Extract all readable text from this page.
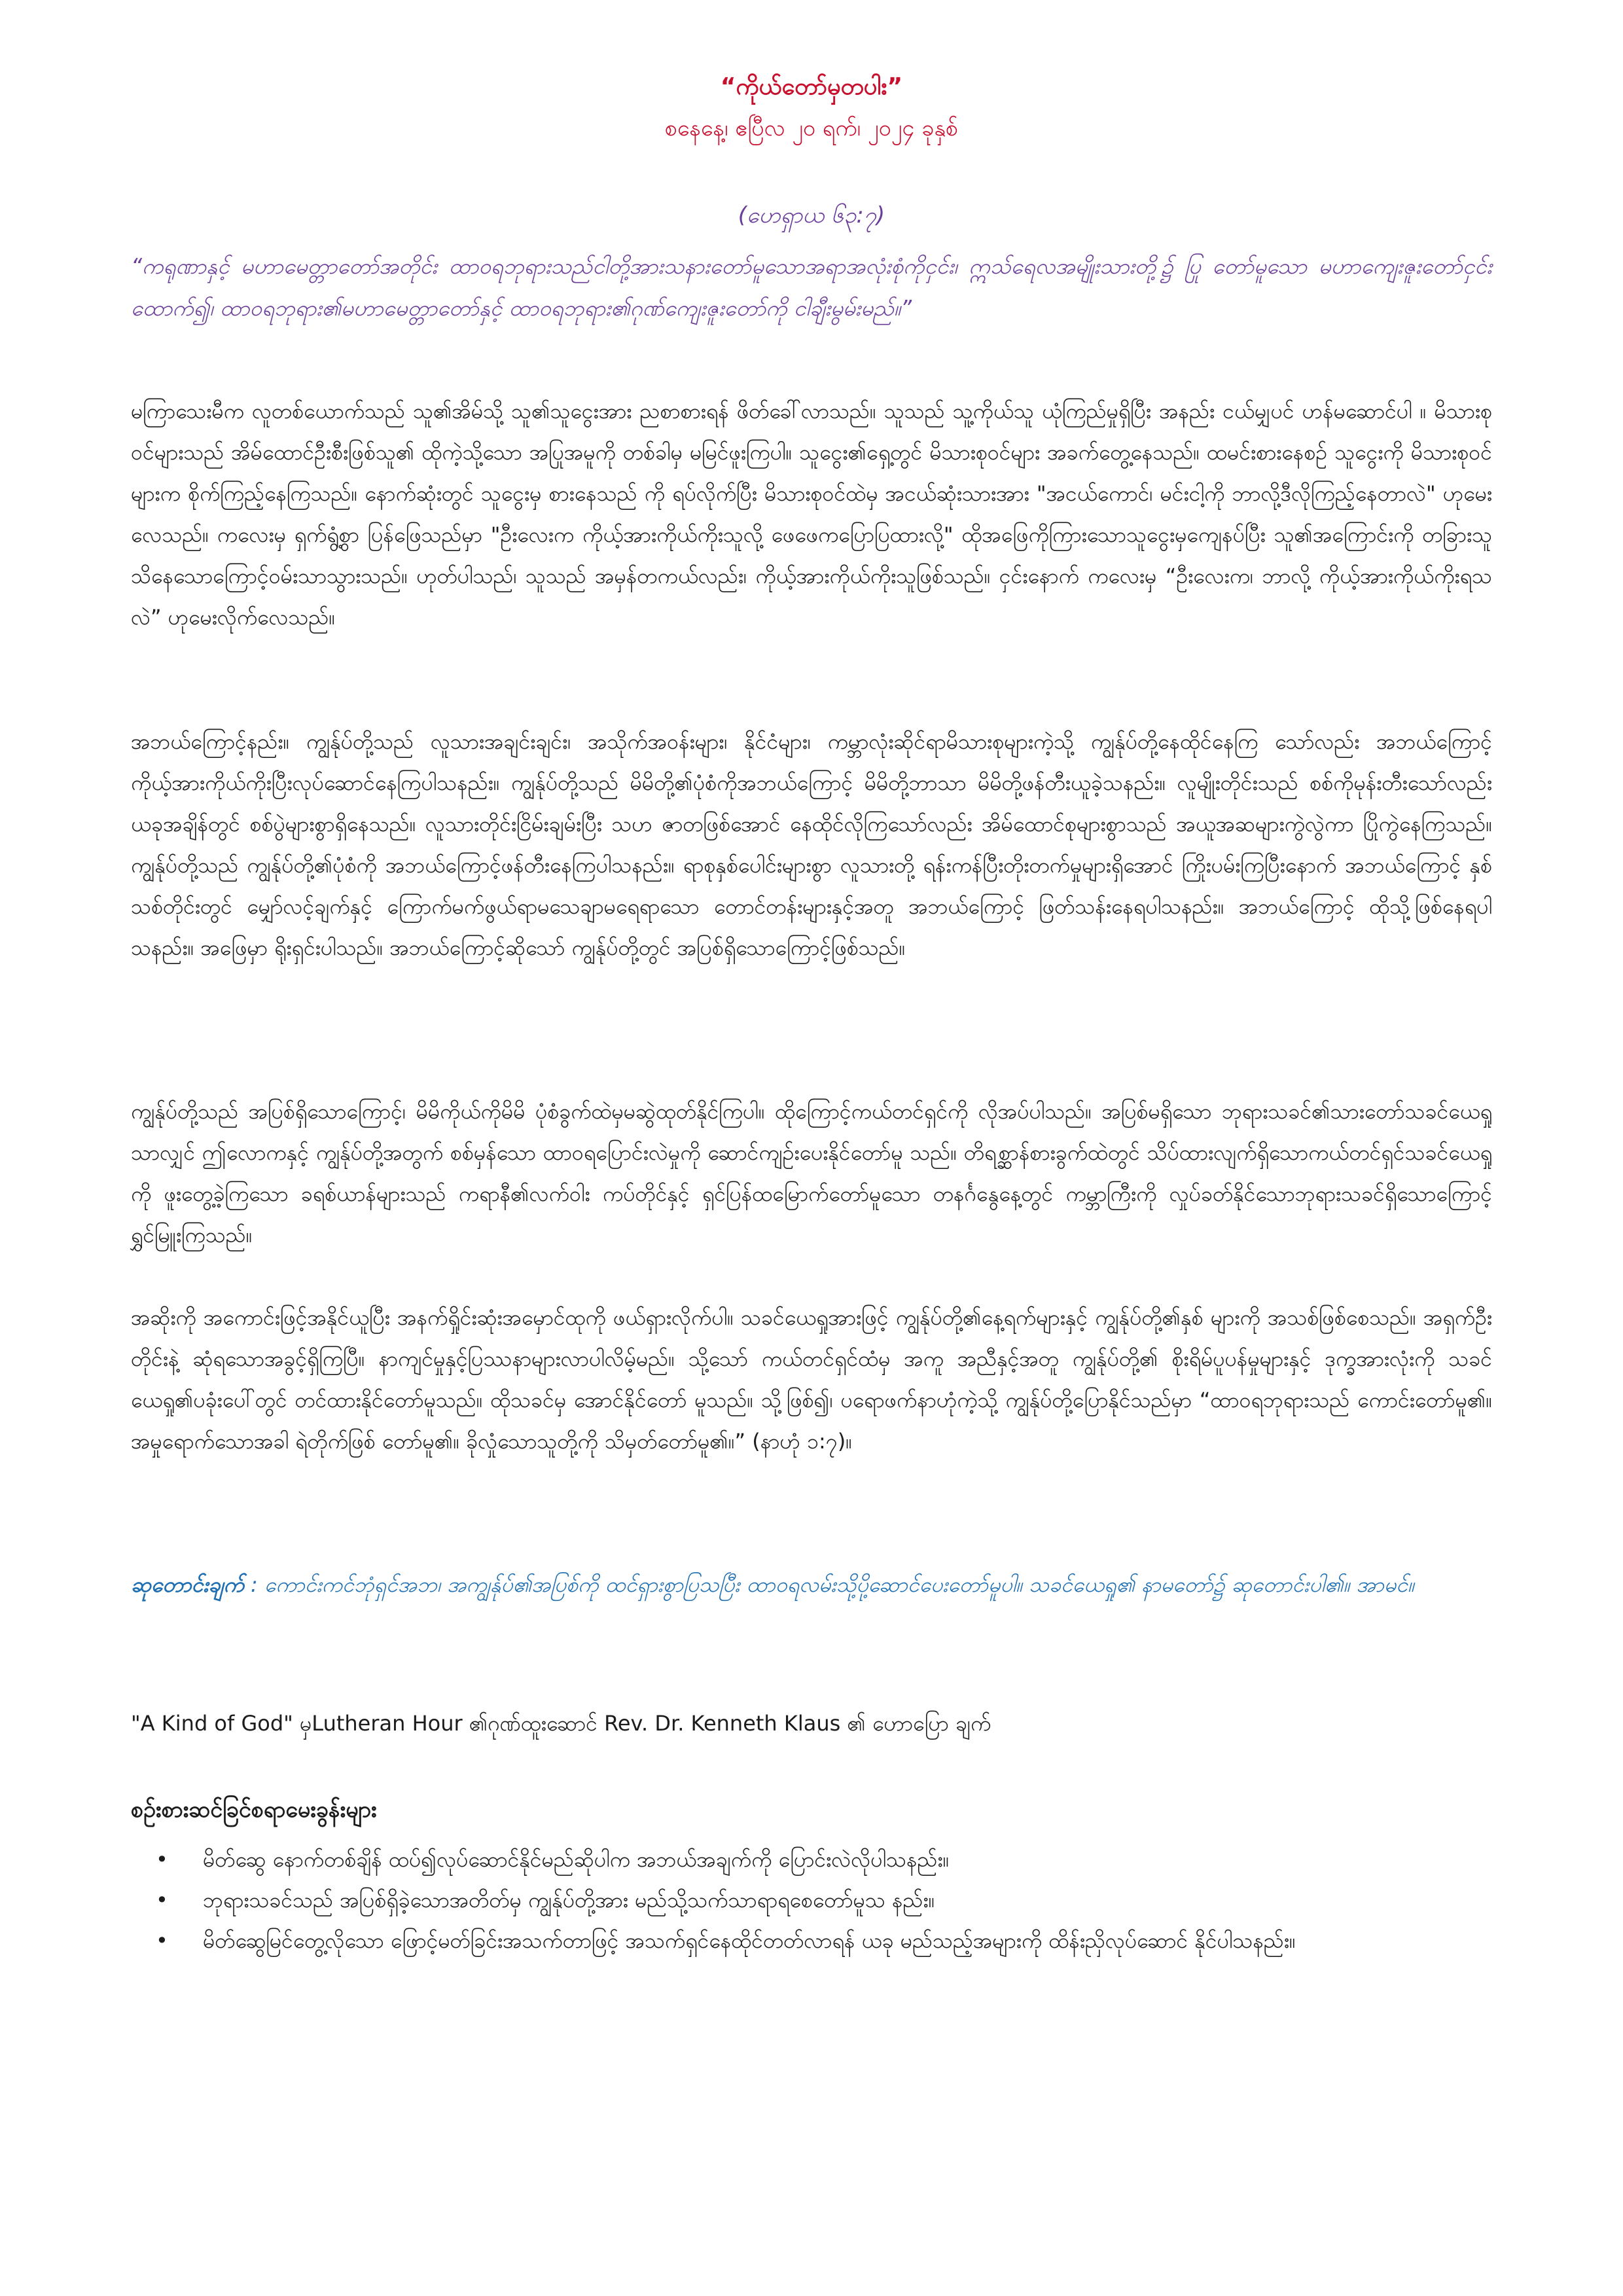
“ကိုယ်တော်မှတပါး”
စနေနေ့၊ ဧပြီလ ၂၀ ရက်၊ ၂၀၂၄ ခုနှစ်
(ဟေရှာယ ၆၃:၇)
“ကရုဏာနှင့် မဟာမေတ္တာတော်အတိုင်း ထာဝရဘုရားသည်ငါတို့အားသနားတော်မူသောအရာအလုံးစုံကိုငှင်း၊ ဣသ်ရေလအမျိုးသားတို့၌ ပြု တော်မူသော မဟာကျေးဇူးတော်ငှင်း ထောက်၍၊ ထာဝရဘုရား၏မဟာမေတ္တာတော်နှင့် ထာဝရဘုရား၏ဂုဏ်ကျေးဇူးတော်ကို ငါချီးမွမ်းမည်။”

မကြာသေးမီက လူတစ်ယောက်သည် သူ၏အိမ်သို့ သူ၏သူငွေးအား ညစာစားရန် ဖိတ်ခေါ်လာသည်။ သူသည် သူ့ကိုယ်သူ ယုံကြည်မှုရှိပြီး အနည်း ငယ်မျှပင် ဟန်မဆောင်ပါ ။ မိသားစုဝင်များသည် အိမ်ထောင်ဦးစီးဖြစ်သူ၏ ထိုကဲ့သို့သော အပြုအမူကို တစ်ခါမှ မမြင်ဖူးကြပါ။ သူငွေး၏ရှေ့တွင် မိသားစုဝင်များ အခက်တွေ့နေသည်။ ထမင်းစားနေစဉ် သူငွေးကို မိသားစုဝင်များက စိုက်ကြည့်နေကြသည်။ နောက်ဆုံးတွင် သူငွေးမှ စားနေသည် ကို ရပ်လိုက်ပြီး မိသားစုဝင်ထဲမှ အငယ်ဆုံးသားအား "အငယ်ကောင်၊ မင်းငါ့ကို ဘာလို့ဒီလိုကြည့်နေတာလဲ" ဟုမေးလေသည်။ ကလေးမှ ရှက်ရွံ့စွာ ပြန်ဖြေသည်မှာ "ဦးလေးက ကိုယ့်အားကိုယ်ကိုးသူလို့ ဖေဖေကပြောပြထားလို့" ထိုအဖြေကိုကြားသောသူငွေးမှကျေနပ်ပြီး သူ၏အကြောင်းကို တခြားသူသိနေသောကြောင့်ဝမ်းသာသွားသည်။ ဟုတ်ပါသည်၊ သူသည် အမှန်တကယ်လည်း၊ ကိုယ့်အားကိုယ်ကိုးသူဖြစ်သည်။ ငှင်းနောက် ကလေးမှ “ဦးလေးက၊ ဘာလို့ ကိုယ့်အားကိုယ်ကိုးရသလဲ” ဟုမေးလိုက်လေသည်။

အဘယ်ကြောင့်နည်း။ ကျွန်ုပ်တို့သည် လူသားအချင်းချင်း၊ အသိုက်အဝန်းများ၊ နိုင်ငံများ၊ ကမ္ဘာလုံးဆိုင်ရာမိသားစုများကဲ့သို့ ကျွန်ုပ်တို့နေထိုင်နေကြ သော်လည်း အဘယ်ကြောင့် ကိုယ့်အားကိုယ်ကိုးပြီးလုပ်ဆောင်နေကြပါသနည်း။ ကျွန်ုပ်တို့သည် မိမိတို့၏ပုံစံကိုအဘယ်ကြောင့် မိမိတို့ဘာသာ မိမိတို့ဖန်တီးယူခဲ့သနည်း။ လူမျိုးတိုင်းသည် စစ်ကိုမုန်းတီးသော်လည်း ယခုအချိန်တွင် စစ်ပွဲများစွာရှိနေသည်။ လူသားတိုင်းငြိမ်းချမ်းပြီး သဟ ဇာတဖြစ်အောင် နေထိုင်လိုကြသော်လည်း အိမ်ထောင်စုများစွာသည် အယူအဆများကွဲလွဲကာ ပြိုကွဲနေကြသည်။ ကျွန်ုပ်တို့သည် ကျွန်ုပ်တို့၏ပုံစံကို အဘယ်ကြောင့်ဖန်တီးနေကြပါသနည်း။ ရာစုနှစ်ပေါင်းများစွာ လူသားတို့ ရန်းကန်ပြီးတိုးတက်မှုများရှိအောင် ကြိုးပမ်းကြပြီးနောက် အဘယ်ကြောင့် နှစ်သစ်တိုင်းတွင် မျှော်လင့်ချက်နှင့် ကြောက်မက်ဖွယ်ရာမသေချာမရေရာသော တောင်တန်းများနှင့်အတူ အဘယ်ကြောင့် ဖြတ်သန်းနေရပါသနည်း။ အဘယ်ကြောင့် ထိုသို့ဖြစ်နေရပါသနည်း။ အဖြေမှာ ရိုးရှင်းပါသည်။ အဘယ်ကြောင့်ဆိုသော် ကျွန်ုပ်တို့တွင် အပြစ်ရှိသောကြောင့်ဖြစ်သည်။

ကျွန်ုပ်တို့သည် အပြစ်ရှိသောကြောင့်၊ မိမိကိုယ်ကိုမိမိ ပုံစံခွက်ထဲမှမဆွဲထုတ်နိုင်ကြပါ။ ထိုကြောင့်ကယ်တင်ရှင်ကို လိုအပ်ပါသည်။ အပြစ်မရှိသော ဘုရားသခင်၏သားတော်သခင်ယေရှုသာလျှင် ဤလောကနှင့် ကျွန်ုပ်တို့အတွက် စစ်မှန်သော ထာဝရပြောင်းလဲမှုကို ဆောင်ကျဉ်းပေးနိုင်တော်မူ သည်။ တိရစ္ဆာန်စားခွက်ထဲတွင် သိပ်ထားလျက်ရှိသောကယ်တင်ရှင်သခင်ယေရှုကို ဖူးတွေ့ခဲ့ကြသော ခရစ်ယာန်များသည် ကရာနီ၏လက်ဝါး ကပ်တိုင်နှင့် ရှင်ပြန်ထမြောက်တော်မူသော တနင်္ဂနွေနေ့တွင် ကမ္ဘာကြီးကို လှုပ်ခတ်နိုင်သောဘုရားသခင်ရှိသောကြောင့် ရွှင်မြူးကြသည်။

အဆိုးကို အကောင်းဖြင့်အနိုင်ယူပြီး အနက်ရှိုင်းဆုံးအမှောင်ထုကို ဖယ်ရှားလိုက်ပါ။ သခင်ယေရှုအားဖြင့် ကျွန်ုပ်တို့၏နေ့ရက်များနှင့် ကျွန်ုပ်တို့၏နှစ် များကို အသစ်ဖြစ်စေသည်။ အရှက်ဦးတိုင်းနဲ့ ဆုံရသောအခွင့်ရှိကြပြီ။ နာကျင်မှုနှင့်ပြဿနာများလာပါလိမ့်မည်။ သို့သော် ကယ်တင်ရှင်ထံမှ အကူ အညီနှင့်အတူ ကျွန်ုပ်တို့၏ စိုးရိမ်ပူပန်မှုများနှင့် ဒုက္ခအားလုံးကို သခင်ယေရှု၏ပခုံးပေါ်တွင် တင်ထားနိုင်တော်မူသည်။ ထိုသခင်မှ အောင်နိုင်တော် မူသည်။ သို့ဖြစ်၍၊ ပရောဖက်နာဟုံကဲ့သို့ ကျွန်ုပ်တို့ပြောနိုင်သည်မှာ “ထာဝရဘုရားသည် ကောင်းတော်မူ၏။ အမှုရောက်သောအခါ ရဲတိုက်ဖြစ် တော်မူ၏။ ခိုလှုံသောသူတို့ကို သိမှတ်တော်မူ၏။” (နာဟုံ ၁:၇)။

ဆုတောင်းချက် : ကောင်းကင်ဘုံရှင်အဘ၊ အကျွန်ုပ်၏အပြစ်ကို ထင်ရှားစွာပြသပြီး ထာဝရလမ်းသို့ပို့ဆောင်ပေးတော်မူပါ။ သခင်ယေရှု၏ နာမတော်၌ ဆုတောင်းပါ၏။ အာမင်။
"A Kind of God" မှLutheran Hour ၏ဂုဏ်ထူးဆောင် Rev. Dr. Kenneth Klaus ၏ ဟောပြော ချက်
စဉ်းစားဆင်ခြင်စရာမေးခွန်းများ
• မိတ်ဆွေ နောက်တစ်ချိန် ထပ်၍လုပ်ဆောင်နိုင်မည်ဆိုပါက အဘယ်အချက်ကို ပြောင်းလဲလိုပါသနည်း။
• ဘုရားသခင်သည် အပြစ်ရှိခဲ့သောအတိတ်မှ ကျွန်ုပ်တို့အား မည်သို့သက်သာရာရစေတော်မူသ နည်း။
• မိတ်ဆွေမြင်တွေ့လိုသော ဖြောင့်မတ်ခြင်းအသက်တာဖြင့် အသက်ရှင်နေထိုင်တတ်လာရန် ယခု မည်သည့်အများကို ထိန်းညှိလုပ်ဆောင် နိုင်ပါသနည်း။
